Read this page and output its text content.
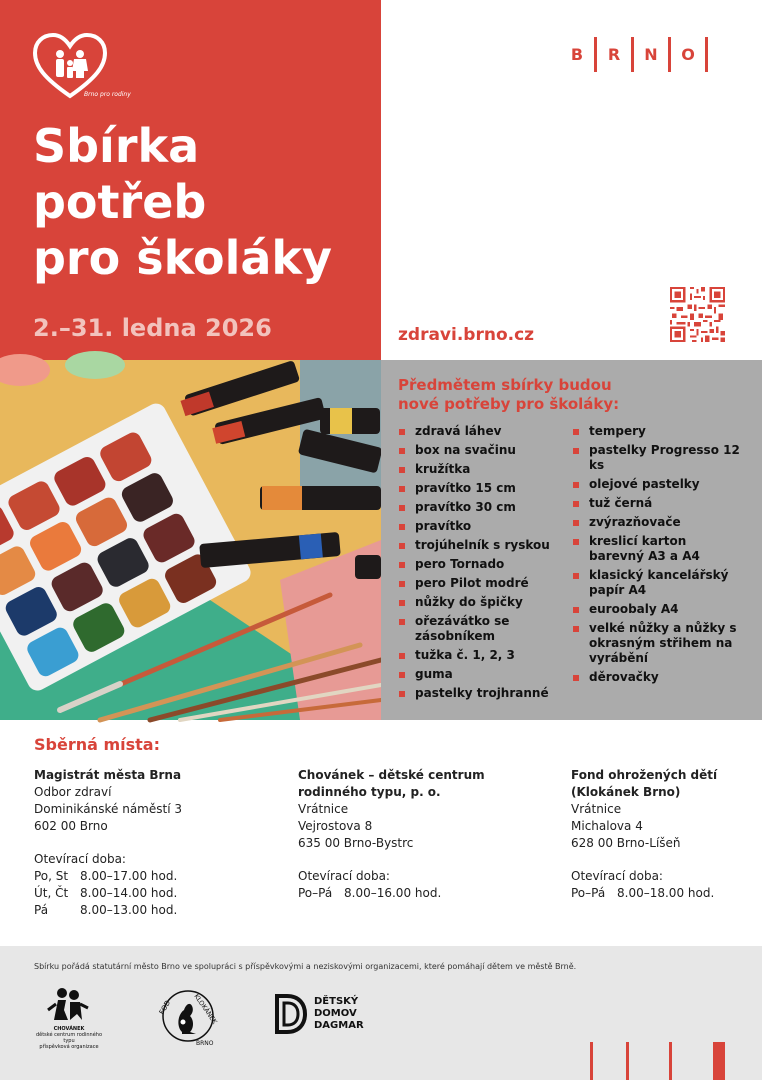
Brno pro rodiny
Sbírka
potřeb
pro školáky
2.–31. ledna 2026
B	R	N	O
zdravi.brno.cz
Předmětem sbírky budou
nové potřeby pro školáky:
zdravá láhev
box na svačinu
kružítka
pravítko 15 cm
pravítko 30 cm
pravítko
trojúhelník s ryskou
pero Tornado
pero Pilot modré
nůžky do špičky
ořezávátko se zásobníkem
tužka č. 1, 2, 3
guma
pastelky trojhranné
tempery
pastelky Progresso 12 ks
olejové pastelky
tuž černá
zvýrazňovače
kreslicí karton barevný A3 a A4
klasický kancelářský papír A4
euroobaly A4
velké nůžky a nůžky s okrasným střihem na vyrábění
děrovačky
Sběrná místa:
Magistrát města Brna
Odbor zdraví
Dominikánské náměstí 3
602 00 Brno
Otevírací doba:
Po, St 8.00–17.00 hod.
Út, Čt 8.00–14.00 hod.
Pá	8.00–13.00 hod.
Chovánek – dětské centrum
rodinného typu, p. o.
Vrátnice
Vejrostova 8
635 00 Brno-Bystrc
Otevírací doba:
Po–Pá 8.00–16.00 hod.
Fond ohrožených dětí
(Klokánek Brno)
Vrátnice
Michalova 4
628 00 Brno-Líšeň
Otevírací doba:
Po–Pá 8.00–18.00 hod.
Sbírku pořádá statutární město Brno ve spolupráci s příspěvkovými a neziskovými organizacemi, které pomáhají dětem ve městě Brně.
CHOVÁNEK
dětské centrum rodinného typu
příspěvková organizace
FOD	KLOKÁNEK
BRNO
DĚTSKÝ
DOMOV
DAGMAR
